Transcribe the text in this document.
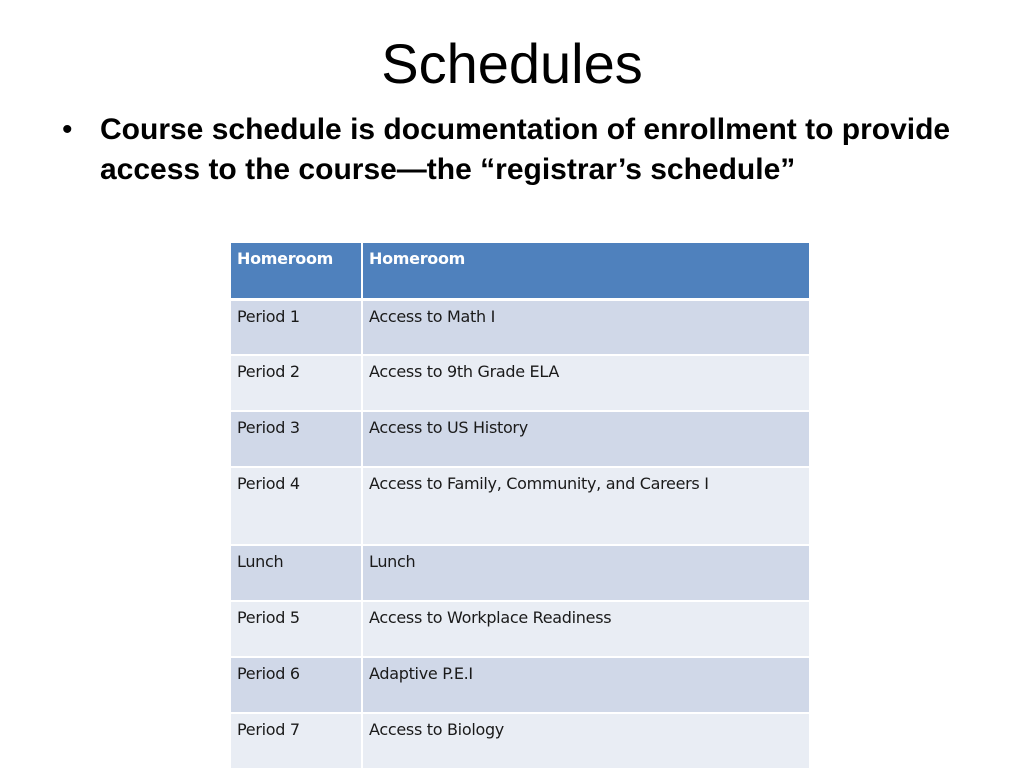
Schedules
• Course schedule is documentation of enrollment to provide access to the course—the “registrar’s schedule”
Homeroom	Homeroom
Period 1	Access to Math I
Period 2	Access to 9th Grade ELA
Period 3	Access to US History
Period 4	Access to Family, Community, and Careers I
Lunch	Lunch
Period 5	Access to Workplace Readiness
Period 6	Adaptive P.E.I
Period 7	Access to Biology
